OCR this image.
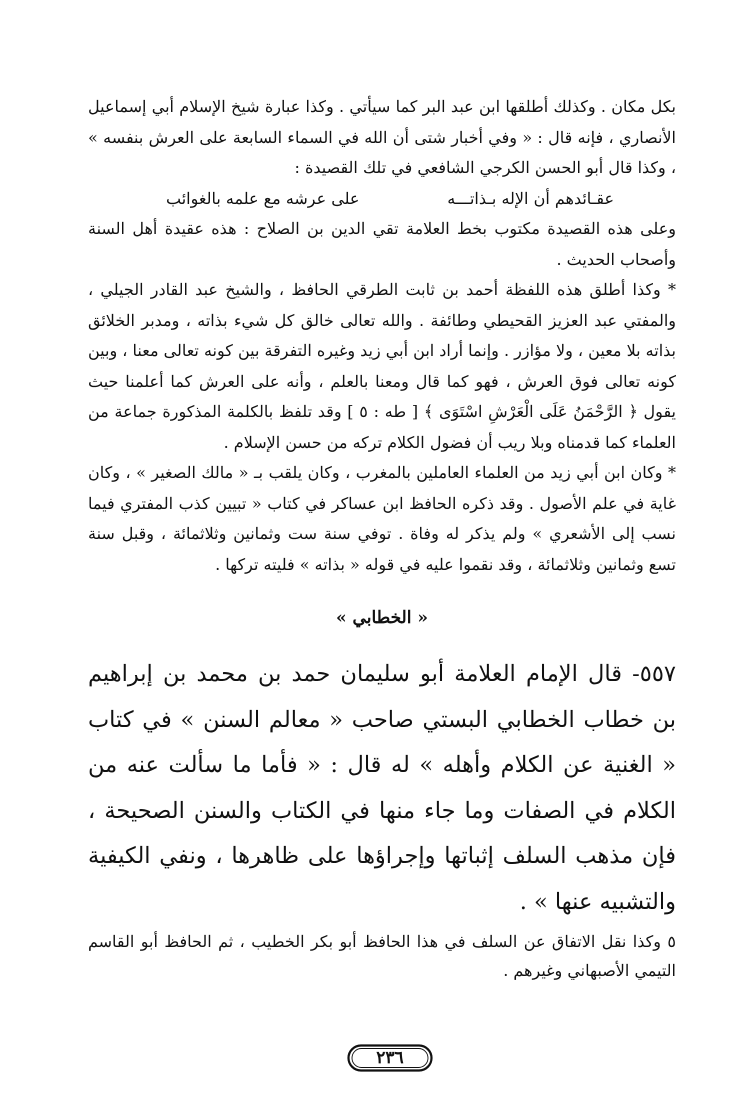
بكل مكان . وكذلك أطلقها ابن عبد البر كما سيأتي . وكذا عبارة شيخ الإسلام أبي إسماعيل الأنصاري ، فإنه قال : « وفي أخبار شتى أن الله في السماء السابعة على العرش بنفسه » ، وكذا قال أبو الحسن الكرجي الشافعي في تلك القصيدة :

عقـائدهم أن الإله بـذاتـــه
على عرشه مع علمه بالغوائب

وعلى هذه القصيدة مكتوب بخط العلامة تقي الدين بن الصلاح : هذه عقيدة أهل السنة وأصحاب الحديث .

* وكذا أطلق هذه اللفظة أحمد بن ثابت الطرقي الحافظ ، والشيخ عبد القادر الجيلي ، والمفتي عبد العزيز القحيطي وطائفة . والله تعالى خالق كل شيء بذاته ، ومدبر الخلائق بذاته بلا معين ، ولا مؤازر . وإنما أراد ابن أبي زيد وغيره التفرقة بين كونه تعالى معنا ، وبين كونه تعالى فوق العرش ، فهو كما قال ومعنا بالعلم ، وأنه على العرش كما أعلمنا حيث يقول ﴿ الرَّحْمَنُ عَلَى الْعَرْشِ اسْتَوَى ﴾ [ طه : ٥ ] وقد تلفظ بالكلمة المذكورة جماعة من العلماء كما قدمناه وبلا ريب أن فضول الكلام تركه من حسن الإسلام .

* وكان ابن أبي زيد من العلماء العاملين بالمغرب ، وكان يلقب بـ « مالك الصغير » ، وكان غاية في علم الأصول . وقد ذكره الحافظ ابن عساكر في كتاب « تبيين كذب المفتري فيما نسب إلى الأشعري » ولم يذكر له وفاة . توفي سنة ست وثمانين وثلاثمائة ، وقبل سنة تسع وثمانين وثلاثمائة ، وقد نقموا عليه في قوله « بذاته » فليته تركها .

« الخطابي »

٥٥٧- قال الإمام العلامة أبو سليمان حمد بن محمد بن إبراهيم بن خطاب الخطابي البستي صاحب « معالم السنن » في كتاب « الغنية عن الكلام وأهله » له قال : « فأما ما سألت عنه من الكلام في الصفات وما جاء منها في الكتاب والسنن الصحيحة ، فإن مذهب السلف إثباتها وإجراؤها على ظاهرها ، ونفي الكيفية والتشبيه عنها » .

٥ وكذا نقل الاتفاق عن السلف في هذا الحافظ أبو بكر الخطيب ، ثم الحافظ أبو القاسم التيمي الأصبهاني وغيرهم .

٢٣٦
